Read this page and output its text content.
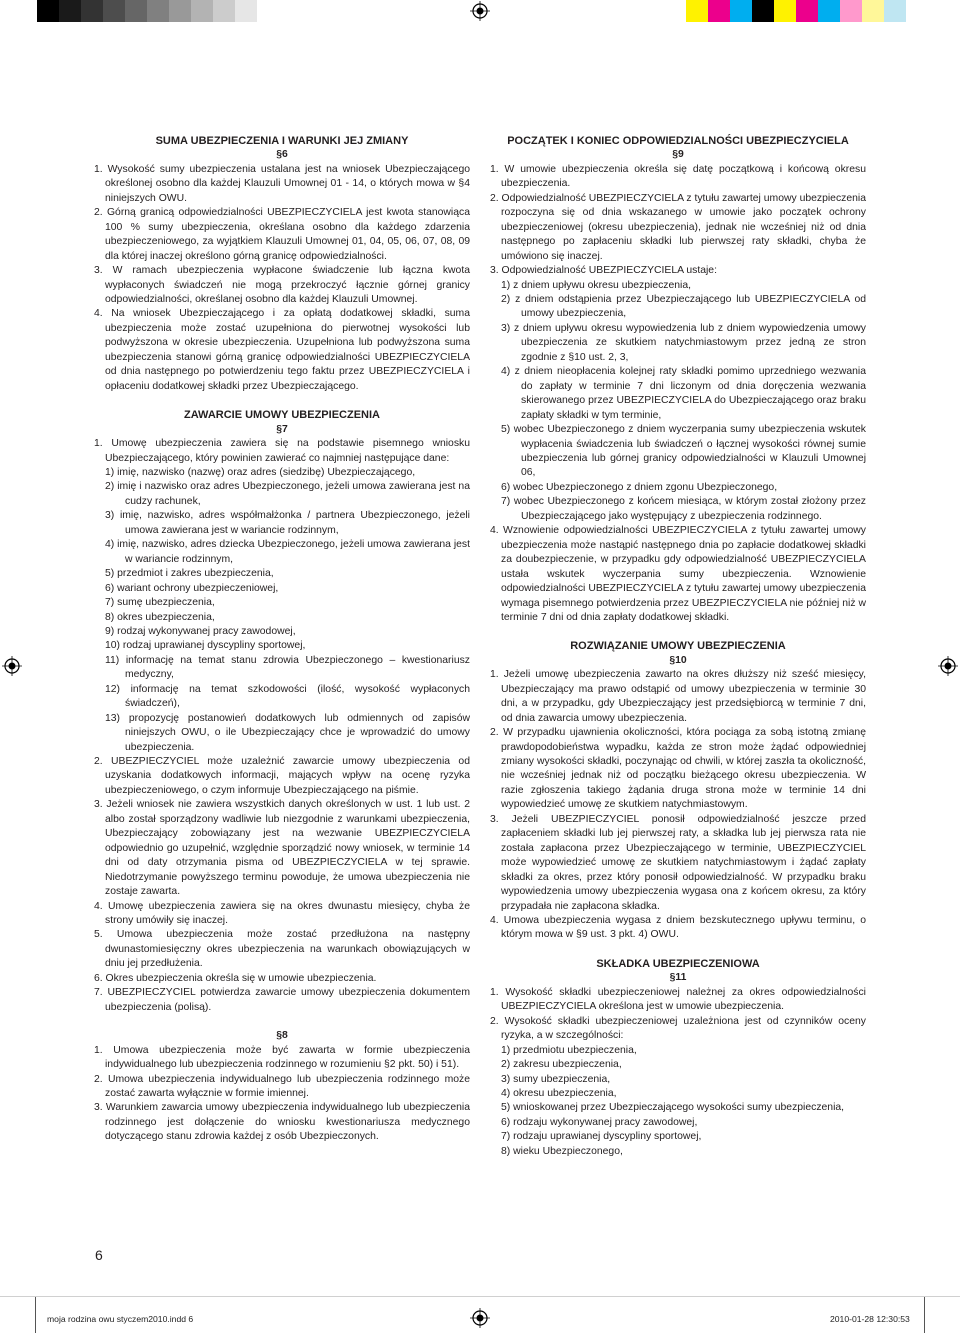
SUMA UBEZPIECZENIA I WARUNKI JEJ ZMIANY

§6

1. Wysokość sumy ubezpieczenia ustalana jest na wniosek Ubezpieczającego określonej osobno dla każdej Klauzuli Umownej 01 - 14, o których mowa w §4 niniejszych OWU.

2. Górną granicą odpowiedzialności UBEZPIECZYCIELA jest kwota stanowiąca 100 % sumy ubezpieczenia, określana osobno dla każdego zdarzenia ubezpieczeniowego, za wyjątkiem Klauzuli Umownej 01, 04, 05, 06, 07, 08, 09 dla której inaczej określono górną granicę odpowiedzialności.

3. W ramach ubezpieczenia wypłacone świadczenie lub łączna kwota wypłaconych świadczeń nie mogą przekroczyć łącznie górnej granicy odpowiedzialności, określanej osobno dla każdej Klauzuli Umownej.

4. Na wniosek Ubezpieczającego i za opłatą dodatkowej składki, suma ubezpieczenia może zostać uzupełniona do pierwotnej wysokości lub podwyższona w okresie ubezpieczenia. Uzupełniona lub podwyższona suma ubezpieczenia stanowi górną granicę odpowiedzialności UBEZPIECZYCIELA od dnia następnego po potwierdzeniu tego faktu przez UBEZPIECZYCIELA i opłaceniu dodatkowej składki przez Ubezpieczającego.

ZAWARCIE UMOWY UBEZPIECZENIA

§7

1. Umowę ubezpieczenia zawiera się na podstawie pisemnego wniosku Ubezpieczającego, który powinien zawierać co najmniej następujące dane:

1) imię, nazwisko (nazwę) oraz adres (siedzibę) Ubezpieczającego,

2) imię i nazwisko oraz adres Ubezpieczonego, jeżeli umowa zawierana jest na cudzy rachunek,

3) imię, nazwisko, adres współmałżonka / partnera Ubezpieczonego, jeżeli umowa zawierana jest w wariancie rodzinnym,

4) imię, nazwisko, adres dziecka Ubezpieczonego, jeżeli umowa zawierana jest w wariancie rodzinnym,

5) przedmiot i zakres ubezpieczenia,

6) wariant ochrony ubezpieczeniowej,

7) sumę ubezpieczenia,

8) okres ubezpieczenia,

9) rodzaj wykonywanej pracy zawodowej,

10) rodzaj uprawianej dyscypliny sportowej,

11) informację na temat stanu zdrowia Ubezpieczonego – kwestionariusz medyczny,

12) informację na temat szkodowości (ilość, wysokość wypłaconych świadczeń),

13) propozycję postanowień dodatkowych lub odmiennych od zapisów niniejszych OWU, o ile Ubezpieczający chce je wprowadzić do umowy ubezpieczenia.

2. UBEZPIECZYCIEL może uzależnić zawarcie umowy ubezpieczenia od uzyskania dodatkowych informacji, mających wpływ na ocenę ryzyka ubezpieczeniowego, o czym informuje Ubezpieczającego na piśmie.

3. Jeżeli wniosek nie zawiera wszystkich danych określonych w ust. 1 lub ust. 2 albo został sporządzony wadliwie lub niezgodnie z warunkami ubezpieczenia, Ubezpieczający zobowiązany jest na wezwanie UBEZPIECZYCIELA odpowiednio go uzupełnić, względnie sporządzić nowy wniosek, w terminie 14 dni od daty otrzymania pisma od UBEZPIECZYCIELA w tej sprawie. Niedotrzymanie powyższego terminu powoduje, że umowa ubezpieczenia nie zostaje zawarta.

4. Umowę ubezpieczenia zawiera się na okres dwunastu miesięcy, chyba że strony umówiły się inaczej.

5. Umowa ubezpieczenia może zostać przedłużona na następny dwunastomiesięczny okres ubezpieczenia na warunkach obowiązujących w dniu jej przedłużenia.

6. Okres ubezpieczenia określa się w umowie ubezpieczenia.

7. UBEZPIECZYCIEL potwierdza zawarcie umowy ubezpieczenia dokumentem ubezpieczenia (polisą).

§8

1. Umowa ubezpieczenia może być zawarta w formie ubezpieczenia indywidualnego lub ubezpieczenia rodzinnego w rozumieniu §2 pkt. 50) i 51).

2. Umowa ubezpieczenia indywidualnego lub ubezpieczenia rodzinnego może zostać zawarta wyłącznie w formie imiennej.

3. Warunkiem zawarcia umowy ubezpieczenia indywidualnego lub ubezpieczenia rodzinnego jest dołączenie do wniosku kwestionariusza medycznego dotyczącego stanu zdrowia każdej z osób Ubezpieczonych.

POCZĄTEK I KONIEC ODPOWIEDZIALNOŚCI UBEZPIECZYCIELA

§9

1. W umowie ubezpieczenia określa się datę początkową i końcową okresu ubezpieczenia.

2. Odpowiedzialność UBEZPIECZYCIELA z tytułu zawartej umowy ubezpieczenia rozpoczyna się od dnia wskazanego w umowie jako początek ochrony ubezpieczeniowej (okresu ubezpieczenia), jednak nie wcześniej niż od dnia następnego po zapłaceniu składki lub pierwszej raty składki, chyba że umówiono się inaczej.

3. Odpowiedzialność UBEZPIECZYCIELA ustaje:

1) z dniem upływu okresu ubezpieczenia,

2) z dniem odstąpienia przez Ubezpieczającego lub UBEZPIECZYCIELA od umowy ubezpieczenia,

3) z dniem upływu okresu wypowiedzenia lub z dniem wypowiedzenia umowy ubezpieczenia ze skutkiem natychmiastowym przez jedną ze stron zgodnie z §10 ust. 2, 3,

4) z dniem nieopłacenia kolejnej raty składki pomimo uprzedniego wezwania do zapłaty w terminie 7 dni liczonym od dnia doręczenia wezwania skierowanego przez UBEZPIECZYCIELA do Ubezpieczającego oraz braku zapłaty składki w tym terminie,

5) wobec Ubezpieczonego z dniem wyczerpania sumy ubezpieczenia wskutek wypłacenia świadczenia lub świadczeń o łącznej wysokości równej sumie ubezpieczenia lub górnej granicy odpowiedzialności w Klauzuli Umownej 06,

6) wobec Ubezpieczonego z dniem zgonu Ubezpieczonego,

7) wobec Ubezpieczonego z końcem miesiąca, w którym został złożony przez Ubezpieczającego jako występujący z ubezpieczenia rodzinnego.

4. Wznowienie odpowiedzialności UBEZPIECZYCIELA z tytułu zawartej umowy ubezpieczenia może nastąpić następnego dnia po zapłacie dodatkowej składki za doubezpieczenie, w przypadku gdy odpowiedzialność UBEZPIECZYCIELA ustała wskutek wyczerpania sumy ubezpieczenia. Wznowienie odpowiedzialności UBEZPIECZYCIELA z tytułu zawartej umowy ubezpieczenia wymaga pisemnego potwierdzenia przez UBEZPIECZYCIELA nie później niż w terminie 7 dni od dnia zapłaty dodatkowej składki.

ROZWIĄZANIE UMOWY UBEZPIECZENIA

§10

1. Jeżeli umowę ubezpieczenia zawarto na okres dłuższy niż sześć miesięcy, Ubezpieczający ma prawo odstąpić od umowy ubezpieczenia w terminie 30 dni, a w przypadku, gdy Ubezpieczający jest przedsiębiorcą w terminie 7 dni, od dnia zawarcia umowy ubezpieczenia.

2. W przypadku ujawnienia okoliczności, która pociąga za sobą istotną zmianę prawdopodobieństwa wypadku, każda ze stron może żądać odpowiedniej zmiany wysokości składki, poczynając od chwili, w której zaszła ta okoliczność, nie wcześniej jednak niż od początku bieżącego okresu ubezpieczenia. W razie zgłoszenia takiego żądania druga strona może w terminie 14 dni wypowiedzieć umowę ze skutkiem natychmiastowym.

3. Jeżeli UBEZPIECZYCIEL ponosił odpowiedzialność jeszcze przed zapłaceniem składki lub jej pierwszej raty, a składka lub jej pierwsza rata nie została zapłacona przez Ubezpieczającego w terminie, UBEZPIECZYCIEL może wypowiedzieć umowę ze skutkiem natychmiastowym i żądać zapłaty składki za okres, przez który ponosił odpowiedzialność. W przypadku braku wypowiedzenia umowy ubezpieczenia wygasa ona z końcem okresu, za który przypadała nie zapłacona składka.

4. Umowa ubezpieczenia wygasa z dniem bezskutecznego upływu terminu, o którym mowa w §9 ust. 3 pkt. 4) OWU.

SKŁADKA UBEZPIECZENIOWA

§11

1. Wysokość składki ubezpieczeniowej należnej za okres odpowiedzialności UBEZPIECZYCIELA określona jest w umowie ubezpieczenia.

2. Wysokość składki ubezpieczeniowej uzależniona jest od czynników oceny ryzyka, a w szczególności:

1) przedmiotu ubezpieczenia,

2) zakresu ubezpieczenia,

3) sumy ubezpieczenia,

4) okresu ubezpieczenia,

5) wnioskowanej przez Ubezpieczającego wysokości sumy ubezpieczenia,

6) rodzaju wykonywanej pracy zawodowej,

7) rodzaju uprawianej dyscypliny sportowej,

8) wieku Ubezpieczonego,

6
moja rodzina owu styczem2010.indd 6	2010-01-28 12:30:53
